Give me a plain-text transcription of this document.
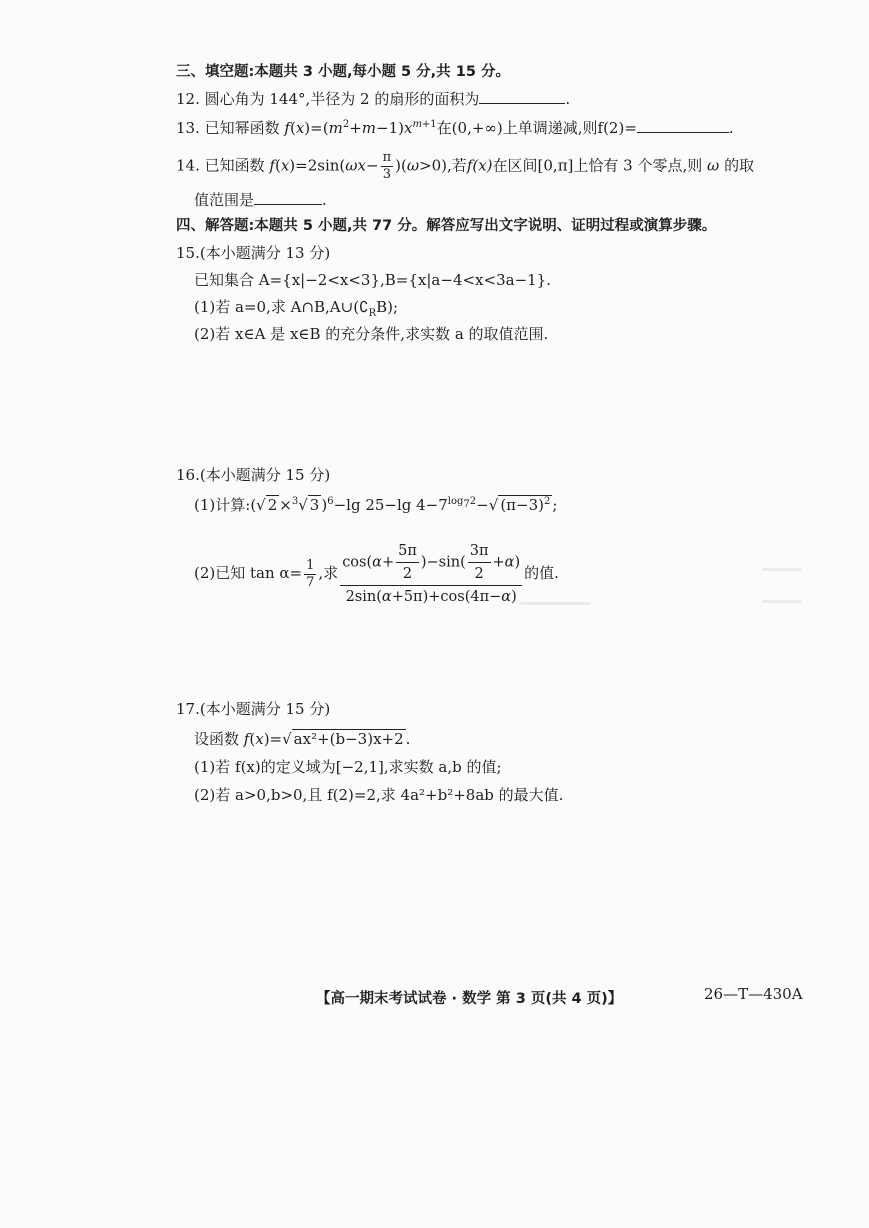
三、填空题:本题共 3 小题,每小题 5 分,共 15 分。
12. 圆心角为 144°,半径为 2 的扇形的面积为	.
13. 已知幂函数 $f(x)=(m^2+m-1)x^{m+1}$在(0,+∞)上单调递减,则f(2)=	.
14. 已知函数 $f(x)=2\sin(\omega x- \frac{\pi}{3} )(\omega>0)$,若f(x)在区间[0,π]上恰有 3 个零点,则 ω 的取
值范围是	.
四、解答题:本题共 5 小题,共 77 分。解答应写出文字说明、证明过程或演算步骤。
15.(本小题满分 13 分)
已知集合 A={x|−2<x<3},B={x|a−4<x<3a−1}.
(1)若 a=0,求 $A\cap B,A\cup(∁_RB)$;
(2)若 x∈A 是 x∈B 的充分条件,求实数 a 的取值范围.
16.(本小题满分 15 分)
(1)计算:(√ 2 ×$^3$√ 3 )$^6$−lg 25−lg $4-7^{log_72}-√$ $(\pi-3)^2$ ;
(2)已知 $\tan \alpha= \frac{1}{7}$ ,求 $\frac{\cos(\alpha+ \frac{5\pi}{2} )-\sin( \frac{3\pi}{2} +\alpha)}{2\sin(\alpha+5\pi)+\cos(4\pi-\alpha)}$ 的值.
17.(本小题满分 15 分)
设函数 f(x)=√ ax²+(b−3)x+2 .
(1)若 f(x)的定义域为[−2,1],求实数 a,b 的值;
(2)若 a>0,b>0,且 f(2)=2,求 4a²+b²+8ab 的最大值.
【高一期末考试试卷 · 数学 第 3 页(共 4 页)】	26—T—430A
